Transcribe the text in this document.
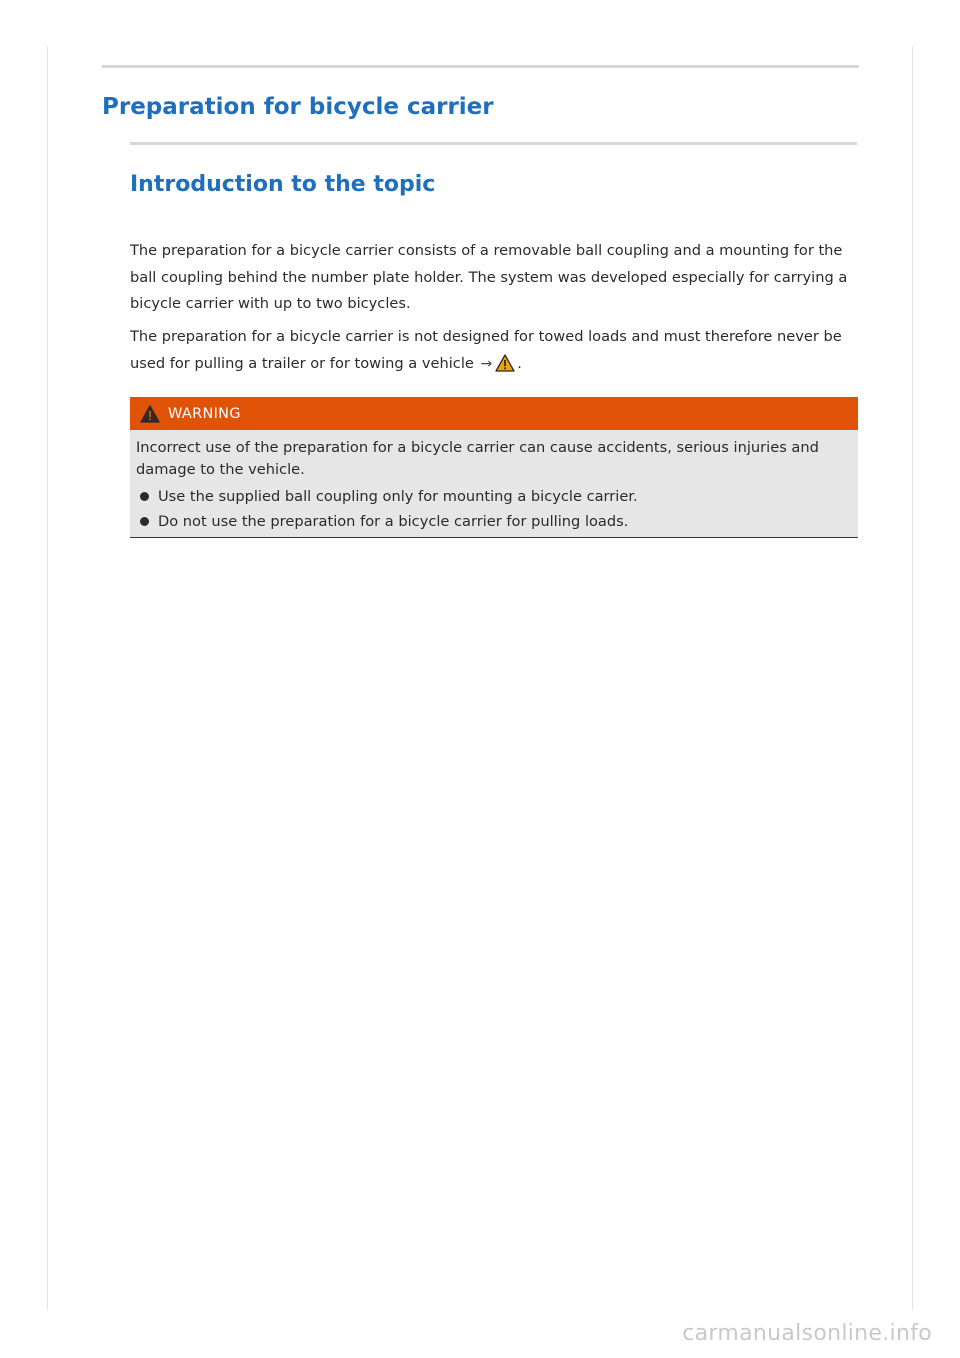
Preparation for bicycle carrier
Introduction to the topic

The preparation for a bicycle carrier consists of a removable ball coupling and a mounting for the ball coupling behind the number plate holder. The system was developed especially for carrying a bicycle carrier with up to two bicycles.

The preparation for a bicycle carrier is not designed for towed loads and must therefore never be used for pulling a trailer or for towing a vehicle → .

WARNING

Incorrect use of the preparation for a bicycle carrier can cause accidents, serious injuries and damage to the vehicle.

Use the supplied ball coupling only for mounting a bicycle carrier.
Do not use the preparation for a bicycle carrier for pulling loads.
carmanualsonline.info
